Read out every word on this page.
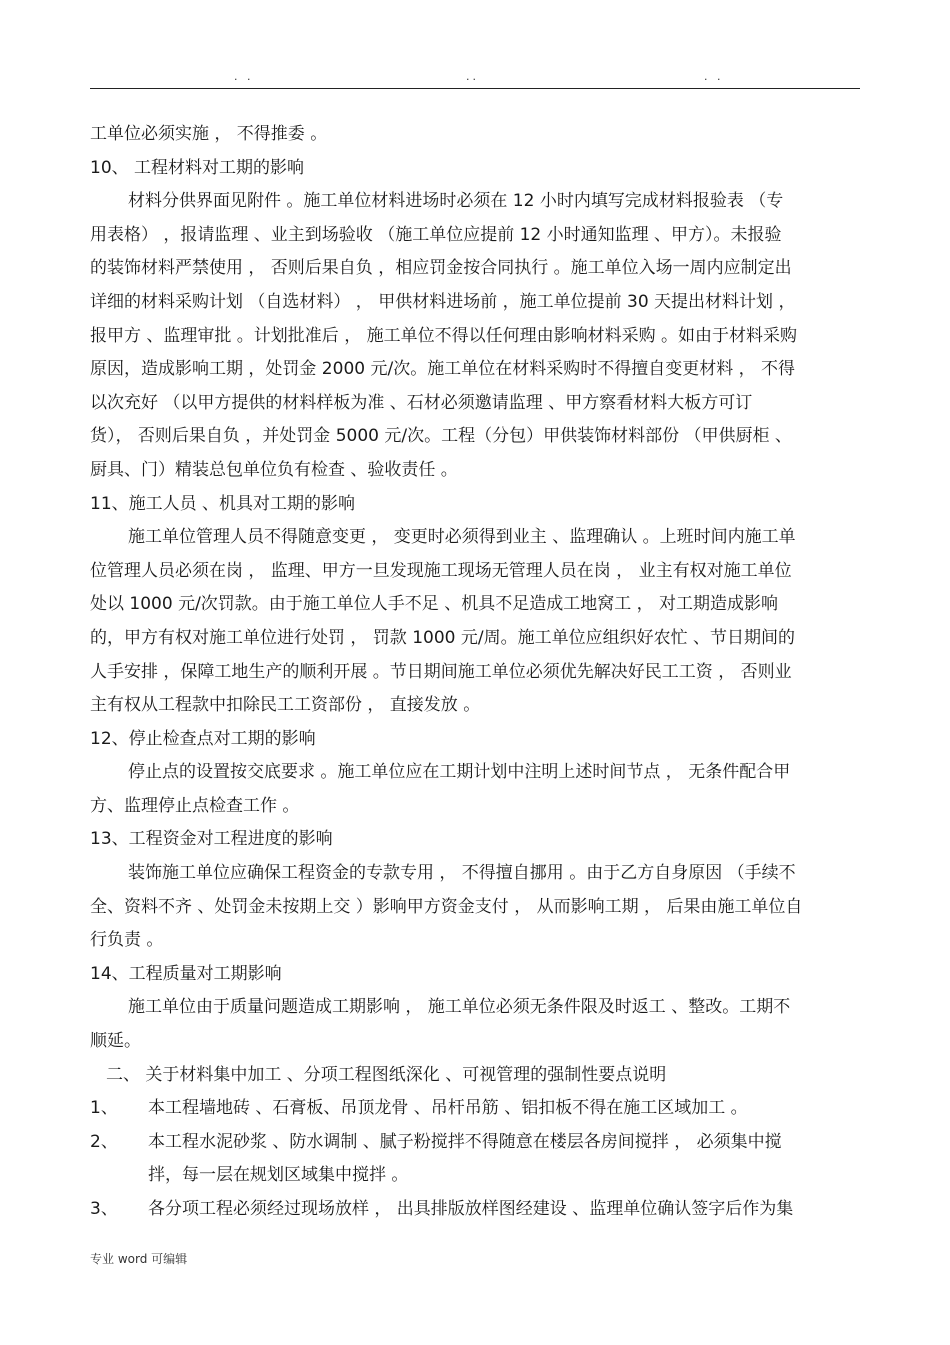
. .	..	. .
工单位必须实施 ， 不得推委 。
10、 工程材料对工期的影响
材料分供界面见附件 。施工单位材料进场时必须在 12 小时内填写完成材料报验表 （专
用表格） ，报请监理 、业主到场验收 （施工单位应提前 12 小时通知监理 、甲方）。未报验
的装饰材料严禁使用 ， 否则后果自负 ，相应罚金按合同执行 。施工单位入场一周内应制定出
详细的材料采购计划 （自选材料） ， 甲供材料进场前 ，施工单位提前 30 天提出材料计划 ，
报甲方 、监理审批 。计划批准后 ， 施工单位不得以任何理由影响材料采购 。如由于材料采购
原因，造成影响工期 ，处罚金 2000 元/次。施工单位在材料采购时不得擅自变更材料 ， 不得
以次充好 （以甲方提供的材料样板为准 、石材必须邀请监理 、甲方察看材料大板方可订
货）， 否则后果自负 ，并处罚金 5000 元/次。工程（分包）甲供装饰材料部份 （甲供厨柜 、
厨具、门）精装总包单位负有检查 、验收责任 。
11、施工人员 、机具对工期的影响
施工单位管理人员不得随意变更 ， 变更时必须得到业主 、监理确认 。上班时间内施工单
位管理人员必须在岗 ， 监理、甲方一旦发现施工现场无管理人员在岗 ， 业主有权对施工单位
处以 1000 元/次罚款。由于施工单位人手不足 、机具不足造成工地窝工 ， 对工期造成影响
的，甲方有权对施工单位进行处罚 ， 罚款 1000 元/周。施工单位应组织好农忙 、节日期间的
人手安排 ，保障工地生产的顺利开展 。节日期间施工单位必须优先解决好民工工资 ， 否则业
主有权从工程款中扣除民工工资部份 ， 直接发放 。
12、停止检查点对工期的影响
停止点的设置按交底要求 。施工单位应在工期计划中注明上述时间节点 ， 无条件配合甲
方、监理停止点检查工作 。
13、工程资金对工程进度的影响
装饰施工单位应确保工程资金的专款专用 ， 不得擅自挪用 。由于乙方自身原因 （手续不
全、资料不齐 、处罚金未按期上交 ）影响甲方资金支付 ， 从而影响工期 ， 后果由施工单位自
行负责 。
14、工程质量对工期影响
施工单位由于质量问题造成工期影响 ， 施工单位必须无条件限及时返工 、整改。工期不
顺延。
二、 关于材料集中加工 、分项工程图纸深化 、可视管理的强制性要点说明
1、 本工程墙地砖 、石膏板、吊顶龙骨 、吊杆吊筋 、铝扣板不得在施工区域加工 。
2、 本工程水泥砂浆 、防水调制 、腻子粉搅拌不得随意在楼层各房间搅拌 ， 必须集中搅
拌，每一层在规划区域集中搅拌 。
3、 各分项工程必须经过现场放样 ， 出具排版放样图经建设 、监理单位确认签字后作为集
专业 word 可编辑
